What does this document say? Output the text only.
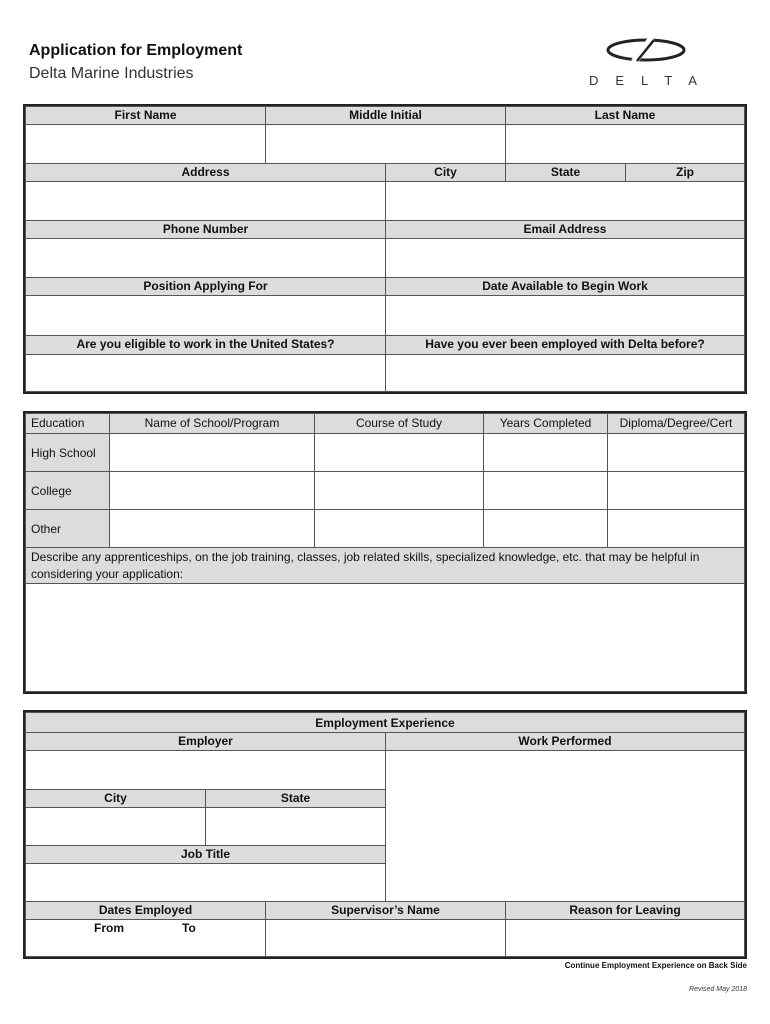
Application for Employment
Delta Marine Industries	DELTA
First Name	Middle Initial	Last Name
Address	City	State	Zip
Phone Number	Email Address
Position Applying For	Date Available to Begin Work
Are you eligible to work in the United States?	Have you ever been employed with Delta before?
Education	Name of School/Program	Course of Study	Years Completed	Diploma/Degree/Cert
High School
College
Other
Describe any apprenticeships, on the job training, classes, job related skills, specialized knowledge, etc. that may be helpful in considering your application:
Employment Experience
Employer	Work Performed
City	State
Job Title
Dates Employed	Supervisor’s Name	Reason for Leaving
From	To
Continue Employment Experience on Back Side
Revised May 2018
